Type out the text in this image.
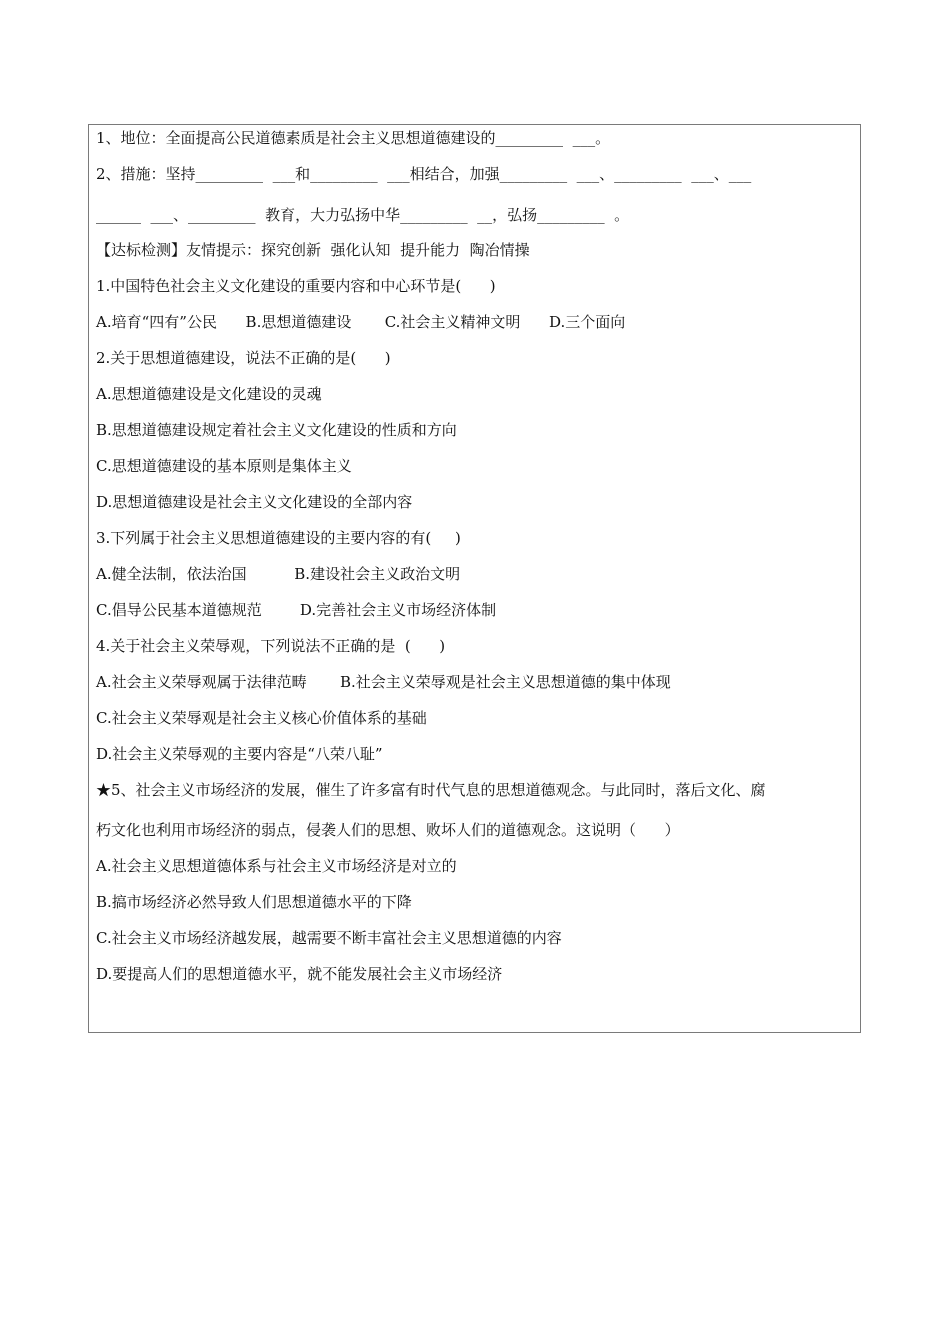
1、地位：全面提高公民道德素质是社会主义思想道德建设的_________  ___。
2、措施：坚持_________  ___和_________  ___相结合，加强_________  ___、_________  ___、___
______  ___、_________  教育，大力弘扬中华_________  __，弘扬_________  。
【达标检测】友情提示：探究创新  强化认知  提升能力  陶冶情操
1.中国特色社会主义文化建设的重要内容和中心环节是(      )
A.培育“四有”公民      B.思想道德建设       C.社会主义精神文明      D.三个面向
2.关于思想道德建设，说法不正确的是(      )
A.思想道德建设是文化建设的灵魂
B.思想道德建设规定着社会主义文化建设的性质和方向
C.思想道德建设的基本原则是集体主义
D.思想道德建设是社会主义文化建设的全部内容
3.下列属于社会主义思想道德建设的主要内容的有(     )
A.健全法制，依法治国          B.建设社会主义政治文明
C.倡导公民基本道德规范        D.完善社会主义市场经济体制
4.关于社会主义荣辱观，下列说法不正确的是  (      )
A.社会主义荣辱观属于法律范畴       B.社会主义荣辱观是社会主义思想道德的集中体现
C.社会主义荣辱观是社会主义核心价值体系的基础
D.社会主义荣辱观的主要内容是“八荣八耻”
★5、社会主义市场经济的发展，催生了许多富有时代气息的思想道德观念。与此同时，落后文化、腐
朽文化也利用市场经济的弱点，侵袭人们的思想、败坏人们的道德观念。这说明（      ）
A.社会主义思想道德体系与社会主义市场经济是对立的
B.搞市场经济必然导致人们思想道德水平的下降
C.社会主义市场经济越发展，越需要不断丰富社会主义思想道德的内容
D.要提高人们的思想道德水平，就不能发展社会主义市场经济
